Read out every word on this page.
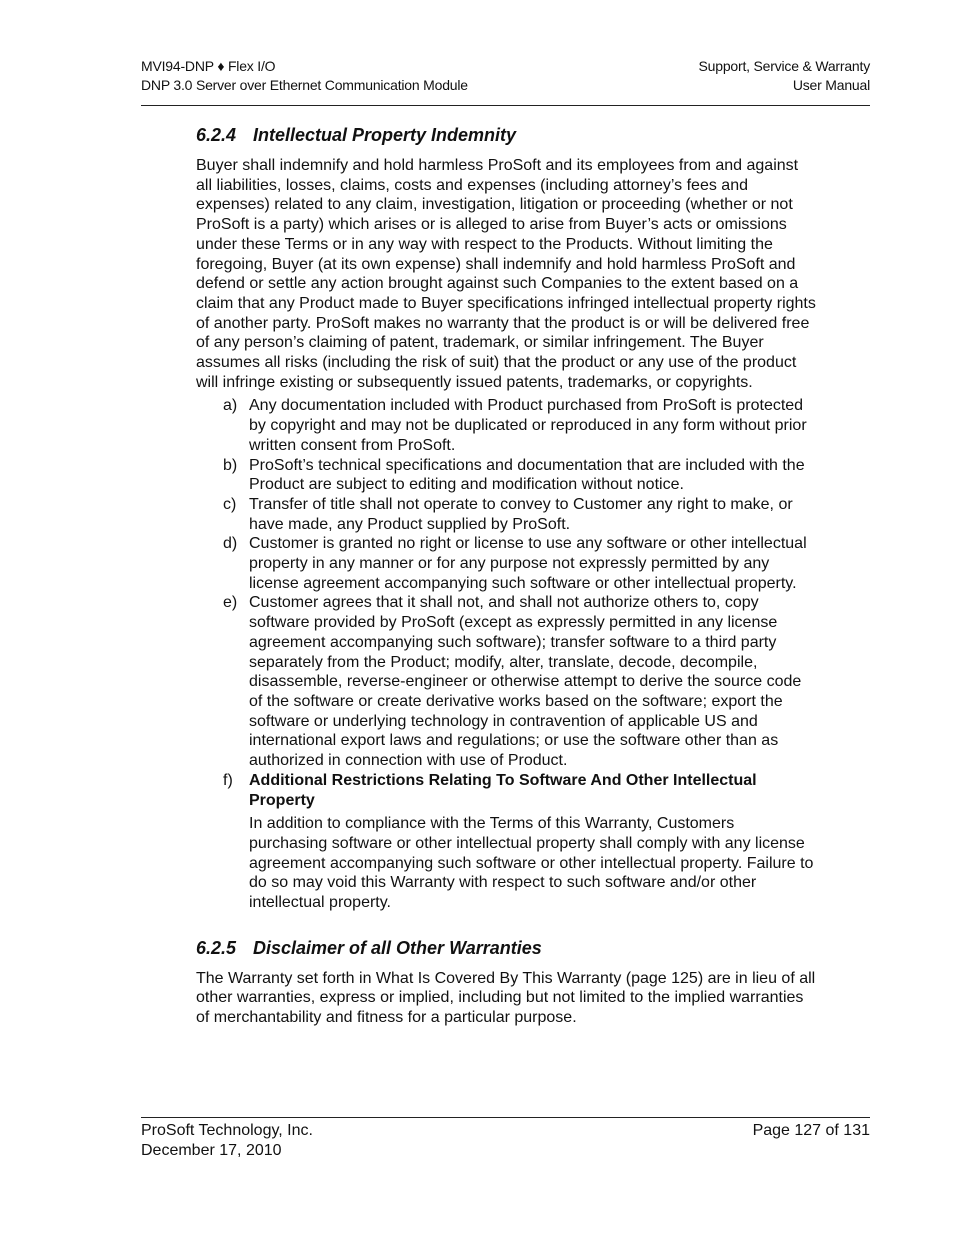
MVI94-DNP ♦ Flex I/O
DNP 3.0 Server over Ethernet Communication Module
Support, Service & Warranty
User Manual
6.2.4 Intellectual Property Indemnity

Buyer shall indemnify and hold harmless ProSoft and its employees from and against all liabilities, losses, claims, costs and expenses (including attorney’s fees and expenses) related to any claim, investigation, litigation or proceeding (whether or not ProSoft is a party) which arises or is alleged to arise from Buyer’s acts or omissions under these Terms or in any way with respect to the Products. Without limiting the foregoing, Buyer (at its own expense) shall indemnify and hold harmless ProSoft and defend or settle any action brought against such Companies to the extent based on a claim that any Product made to Buyer specifications infringed intellectual property rights of another party. ProSoft makes no warranty that the product is or will be delivered free of any person’s claiming of patent, trademark, or similar infringement. The Buyer assumes all risks (including the risk of suit) that the product or any use of the product will infringe existing or subsequently issued patents, trademarks, or copyrights.

a) Any documentation included with Product purchased from ProSoft is protected by copyright and may not be duplicated or reproduced in any form without prior written consent from ProSoft.
b) ProSoft’s technical specifications and documentation that are included with the Product are subject to editing and modification without notice.
c) Transfer of title shall not operate to convey to Customer any right to make, or have made, any Product supplied by ProSoft.
d) Customer is granted no right or license to use any software or other intellectual property in any manner or for any purpose not expressly permitted by any license agreement accompanying such software or other intellectual property.
e) Customer agrees that it shall not, and shall not authorize others to, copy software provided by ProSoft (except as expressly permitted in any license agreement accompanying such software); transfer software to a third party separately from the Product; modify, alter, translate, decode, decompile, disassemble, reverse-engineer or otherwise attempt to derive the source code of the software or create derivative works based on the software; export the software or underlying technology in contravention of applicable US and international export laws and regulations; or use the software other than as authorized in connection with use of Product.
f) Additional Restrictions Relating To Software And Other Intellectual Property
In addition to compliance with the Terms of this Warranty, Customers purchasing software or other intellectual property shall comply with any license agreement accompanying such software or other intellectual property. Failure to do so may void this Warranty with respect to such software and/or other intellectual property.
6.2.5 Disclaimer of all Other Warranties

The Warranty set forth in What Is Covered By This Warranty (page 125) are in lieu of all other warranties, express or implied, including but not limited to the implied warranties of merchantability and fitness for a particular purpose.

ProSoft Technology, Inc.
December 17, 2010
Page 127 of 131
